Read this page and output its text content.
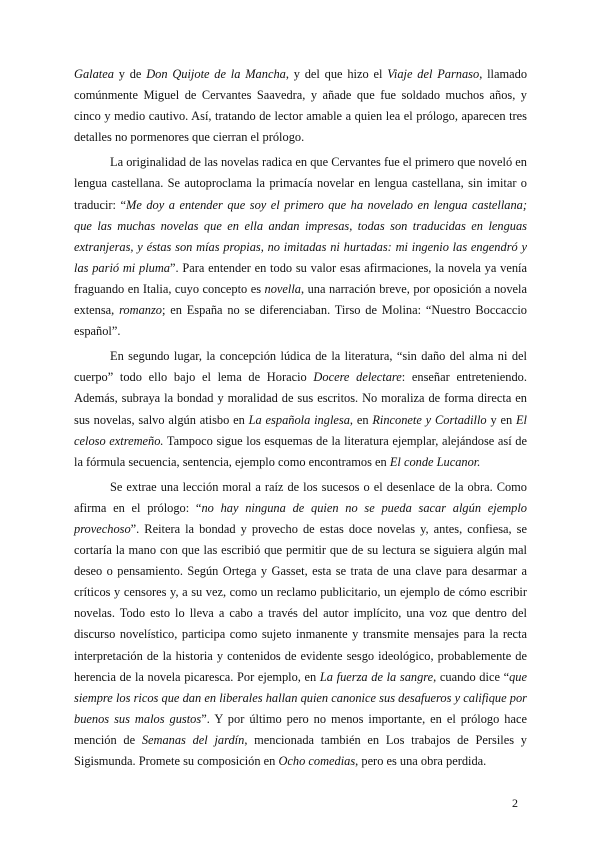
Galatea y de Don Quijote de la Mancha, y del que hizo el Viaje del Parnaso, llamado comúnmente Miguel de Cervantes Saavedra, y añade que fue soldado muchos años, y cinco y medio cautivo. Así, tratando de lector amable a quien lea el prólogo, aparecen tres detalles no pormenores que cierran el prólogo.

La originalidad de las novelas radica en que Cervantes fue el primero que noveló en lengua castellana. Se autoproclama la primacía novelar en lengua castellana, sin imitar o traducir: “Me doy a entender que soy el primero que ha novelado en lengua castellana; que las muchas novelas que en ella andan impresas, todas son traducidas en lenguas extranjeras, y éstas son mías propias, no imitadas ni hurtadas: mi ingenio las engendró y las parió mi pluma”. Para entender en todo su valor esas afirmaciones, la novela ya venía fraguando en Italia, cuyo concepto es novella, una narración breve, por oposición a novela extensa, romanzo; en España no se diferenciaban. Tirso de Molina: “Nuestro Boccaccio español”.

En segundo lugar, la concepción lúdica de la literatura, “sin daño del alma ni del cuerpo” todo ello bajo el lema de Horacio Docere delectare: enseñar entreteniendo. Además, subraya la bondad y moralidad de sus escritos. No moraliza de forma directa en sus novelas, salvo algún atisbo en La española inglesa, en Rinconete y Cortadillo y en El celoso extremeño. Tampoco sigue los esquemas de la literatura ejemplar, alejándose así de la fórmula secuencia, sentencia, ejemplo como encontramos en El conde Lucanor.

Se extrae una lección moral a raíz de los sucesos o el desenlace de la obra. Como afirma en el prólogo: “no hay ninguna de quien no se pueda sacar algún ejemplo provechoso”. Reitera la bondad y provecho de estas doce novelas y, antes, confiesa, se cortaría la mano con que las escribió que permitir que de su lectura se siguiera algún mal deseo o pensamiento. Según Ortega y Gasset, esta se trata de una clave para desarmar a críticos y censores y, a su vez, como un reclamo publicitario, un ejemplo de cómo escribir novelas. Todo esto lo lleva a cabo a través del autor implícito, una voz que dentro del discurso novelístico, participa como sujeto inmanente y transmite mensajes para la recta interpretación de la historia y contenidos de evidente sesgo ideológico, probablemente de herencia de la novela picaresca. Por ejemplo, en La fuerza de la sangre, cuando dice “que siempre los ricos que dan en liberales hallan quien canonice sus desafueros y califique por buenos sus malos gustos”. Y por último pero no menos importante, en el prólogo hace mención de Semanas del jardín, mencionada también en Los trabajos de Persiles y Sigismunda. Promete su composición en Ocho comedias, pero es una obra perdida.

2
